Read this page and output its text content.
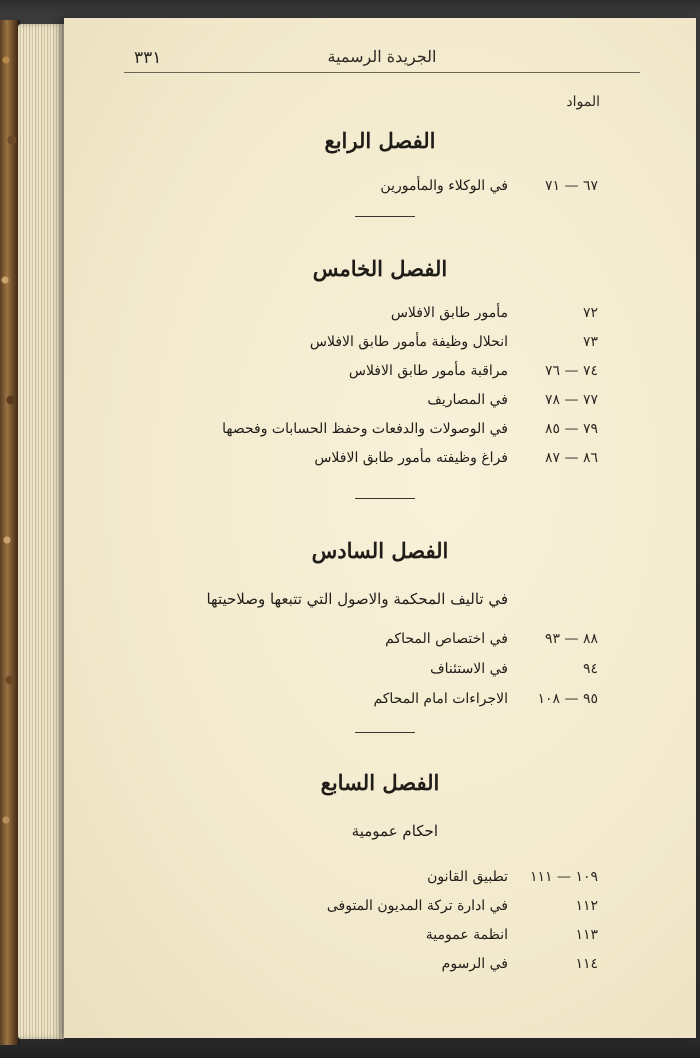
٣٣١	الجريدة الرسمية
المواد
الفصل الرابع
٦٧ — ٧١
في الوكلاء والمأمورين
الفصل الخامس
٧٢
مأمور طابق الافلاس
٧٣
انحلال وظيفة مأمور طابق الافلاس
٧٤ — ٧٦
مراقبة مأمور طابق الافلاس
٧٧ — ٧٨
في المصاريف
٧٩ — ٨٥
في الوصولات والدفعات وحفظ الحسابات وفحصها
٨٦ — ٨٧
فراغ وظيفته مأمور طابق الافلاس
الفصل السادس
في تاليف المحكمة والاصول التي تتبعها وصلاحيتها
٨٨ — ٩٣
في اختصاص المحاكم
٩٤
في الاستئناف
٩٥ — ١٠٨
الاجراءات امام المحاكم
الفصل السابع
احكام عمومية
١٠٩ — ١١١
تطبيق القانون
١١٢
في ادارة تركة المديون المتوفى
١١٣
انظمة عمومية
١١٤
في الرسوم
